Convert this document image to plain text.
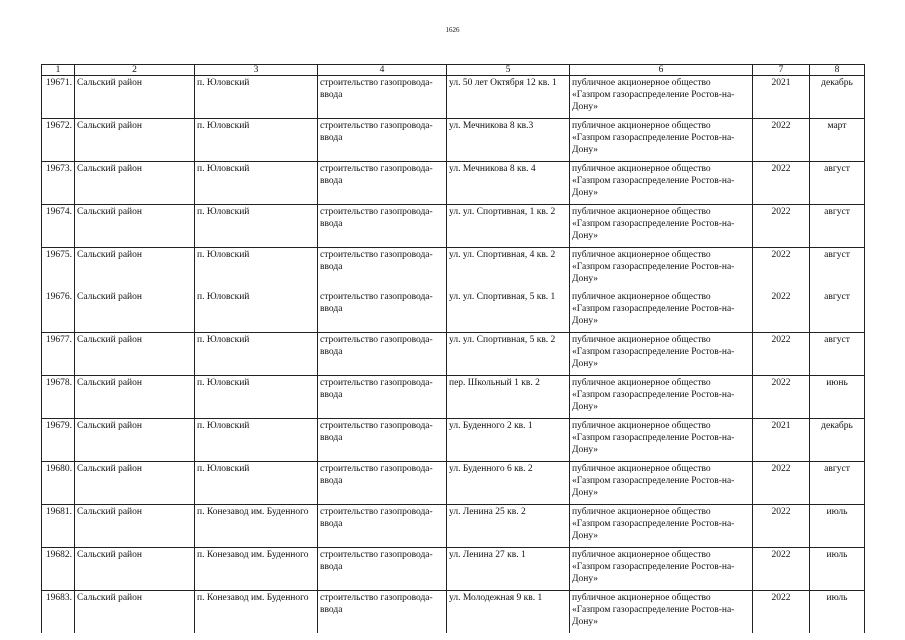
1626
1	2	3	4	5	6	7	8
19671.	Сальский район	п. Юловский	строительство газопровода-ввода	ул. 50 лет Октября 12 кв. 1	публичное акционерное общество «Газпром газораспределение Ростов-на-Дону»	2021	декабрь
19672.	Сальский район	п. Юловский	строительство газопровода-ввода	ул. Мечникова 8 кв.3	публичное акционерное общество «Газпром газораспределение Ростов-на-Дону»	2022	март
19673.	Сальский район	п. Юловский	строительство газопровода-ввода	ул. Мечникова 8 кв. 4	публичное акционерное общество «Газпром газораспределение Ростов-на-Дону»	2022	август
19674.	Сальский район	п. Юловский	строительство газопровода-ввода	ул. ул. Спортивная, 1 кв. 2	публичное акционерное общество «Газпром газораспределение Ростов-на-Дону»	2022	август
19675.	Сальский район	п. Юловский	строительство газопровода-ввода	ул. ул. Спортивная, 4 кв. 2	публичное акционерное общество «Газпром газораспределение Ростов-на-Дону»	2022	август
19676.	Сальский район	п. Юловский	строительство газопровода-ввода	ул. ул. Спортивная, 5 кв. 1	публичное акционерное общество «Газпром газораспределение Ростов-на-Дону»	2022	август
19677.	Сальский район	п. Юловский	строительство газопровода-ввода	ул. ул. Спортивная, 5 кв. 2	публичное акционерное общество «Газпром газораспределение Ростов-на-Дону»	2022	август
19678.	Сальский район	п. Юловский	строительство газопровода-ввода	пер. Школьный 1 кв. 2	публичное акционерное общество «Газпром газораспределение Ростов-на-Дону»	2022	июнь
19679.	Сальский район	п. Юловский	строительство газопровода-ввода	ул. Буденного 2 кв. 1	публичное акционерное общество «Газпром газораспределение Ростов-на-Дону»	2021	декабрь
19680.	Сальский район	п. Юловский	строительство газопровода-ввода	ул. Буденного 6 кв. 2	публичное акционерное общество «Газпром газораспределение Ростов-на-Дону»	2022	август
19681.	Сальский район	п. Конезавод им. Буденного	строительство газопровода-ввода	ул. Ленина 25 кв. 2	публичное акционерное общество «Газпром газораспределение Ростов-на-Дону»	2022	июль
19682.	Сальский район	п. Конезавод им. Буденного	строительство газопровода-ввода	ул. Ленина 27 кв. 1	публичное акционерное общество «Газпром газораспределение Ростов-на-Дону»	2022	июль
19683.	Сальский район	п. Конезавод им. Буденного	строительство газопровода-ввода	ул. Молодежная 9 кв. 1	публичное акционерное общество «Газпром газораспределение Ростов-на-Дону»	2022	июль
